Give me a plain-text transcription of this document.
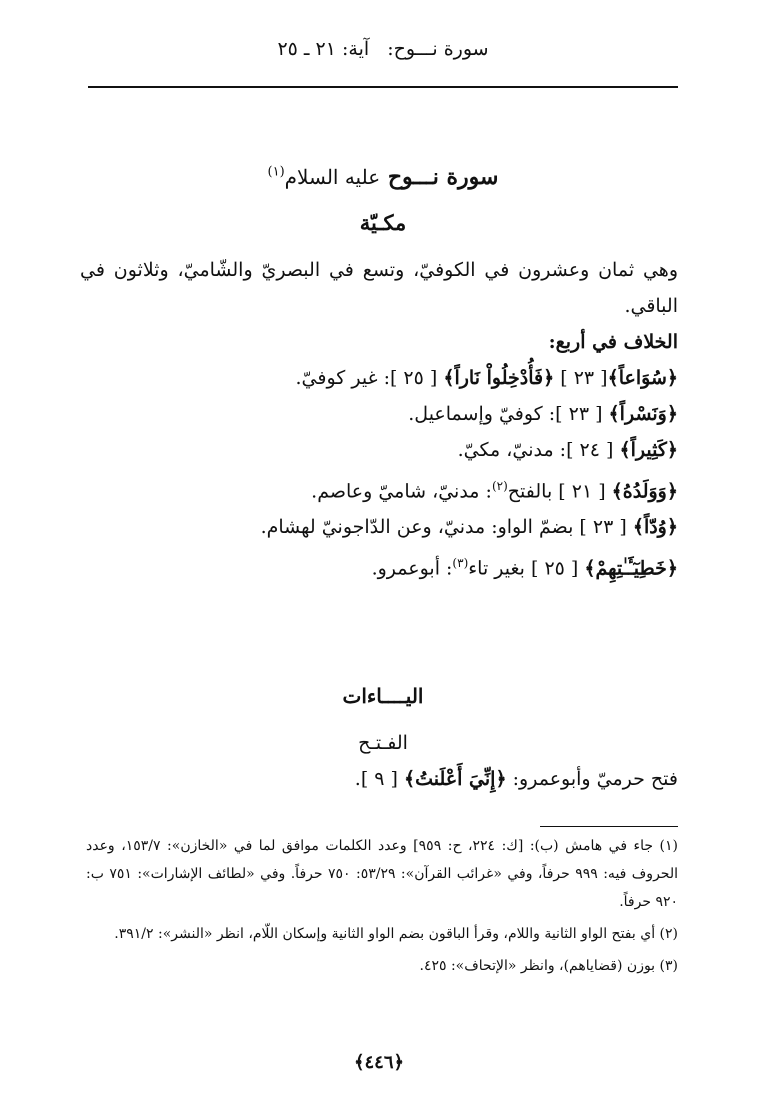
سورة نـــوح: آية: ٢١ ـ ٢٥
سورة نـــوح عليه السلام$^{(١)}$
مكـيّة

وهي ثمان وعشرون في الكوفيّ، وتسع في البصريّ والشّاميّ، وثلاثون في الباقي.

الخلاف في أربع:

﴿سُوَاعاً﴾[ ٢٣ ] ﴿فَأُدْخِلُواْ نَاراً﴾ [ ٢٥ ]: غير كوفيّ.

﴿وَنَسْراً﴾ [ ٢٣ ]: كوفيّ وإسماعيل.

﴿كَثِيراً﴾ [ ٢٤ ]: مدنيّ، مكيّ.

﴿وَوَلَدُهُ﴾ [ ٢١ ] بالفتح$^{(٢)}$: مدنيّ، شاميّ وعاصم.

﴿وُدّاً﴾ [ ٢٣ ] بضمّ الواو: مدنيّ، وعن الدّاجونيّ لهشام.

﴿خَطِيٓـَٔـٰتِهِمْ﴾ [ ٢٥ ] بغير تاء$^{(٣)}$: أبوعمرو.

اليــــاءات
الفـتـح
فتح حرميّ وأبوعمرو: ﴿إِنِّيَ أَعْلَنتُ﴾ [ ٩ ].

(١) جاء في هامش (ب): [ك: ٢٢٤، ح: ٩٥٩] وعدد الكلمات موافق لما في «الخازن»: ١٥٣/٧، وعدد الحروف فيه: ٩٩٩ حرفاً، وفي «غرائب القرآن»: ٥٣/٢٩: ٧٥٠ حرفاً. وفي «لطائف الإشارات»: ٧٥١ ب: ٩٢٠ حرفاً.

(٢) أي بفتح الواو الثانية واللام، وقرأ الباقون بضم الواو الثانية وإسكان اللّام، انظر «النشر»: ٣٩١/٢.

(٣) بوزن (قضاياهم)، وانظر «الإتحاف»: ٤٢٥.

﴿٤٤٦﴾
